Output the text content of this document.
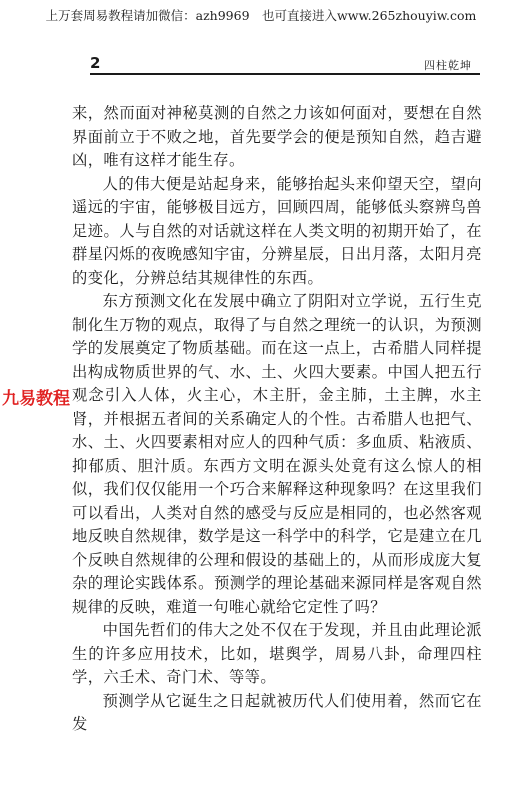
上万套周易教程请加微信：azh9969　也可直接进入www.265zhouyiw.com
2	四柱乾坤

来，然而面对神秘莫测的自然之力该如何面对，要想在自然界面前立于不败之地，首先要学会的便是预知自然，趋吉避凶，唯有这样才能生存。

人的伟大便是站起身来，能够抬起头来仰望天空，望向遥远的宇宙，能够极目远方，回顾四周，能够低头察辨鸟兽足迹。人与自然的对话就这样在人类文明的初期开始了，在群星闪烁的夜晚感知宇宙，分辨星辰，日出月落，太阳月亮的变化，分辨总结其规律性的东西。

东方预测文化在发展中确立了阴阳对立学说，五行生克制化生万物的观点，取得了与自然之理统一的认识，为预测学的发展奠定了物质基础。而在这一点上，古希腊人同样提出构成物质世界的气、水、土、火四大要素。中国人把五行观念引入人体，火主心，木主肝，金主肺，土主脾，水主肾，并根据五者间的关系确定人的个性。古希腊人也把气、水、土、火四要素相对应人的四种气质：多血质、粘液质、抑郁质、胆汁质。东西方文明在源头处竟有这么惊人的相似，我们仅仅能用一个巧合来解释这种现象吗？在这里我们可以看出，人类对自然的感受与反应是相同的，也必然客观地反映自然规律，数学是这一科学中的科学，它是建立在几个反映自然规律的公理和假设的基础上的，从而形成庞大复杂的理论实践体系。预测学的理论基础来源同样是客观自然规律的反映，难道一句唯心就给它定性了吗？

中国先哲们的伟大之处不仅在于发现，并且由此理论派生的许多应用技术，比如，堪舆学，周易八卦，命理四柱学，六壬术、奇门术、等等。

预测学从它诞生之日起就被历代人们使用着，然而它在发

九易教程
